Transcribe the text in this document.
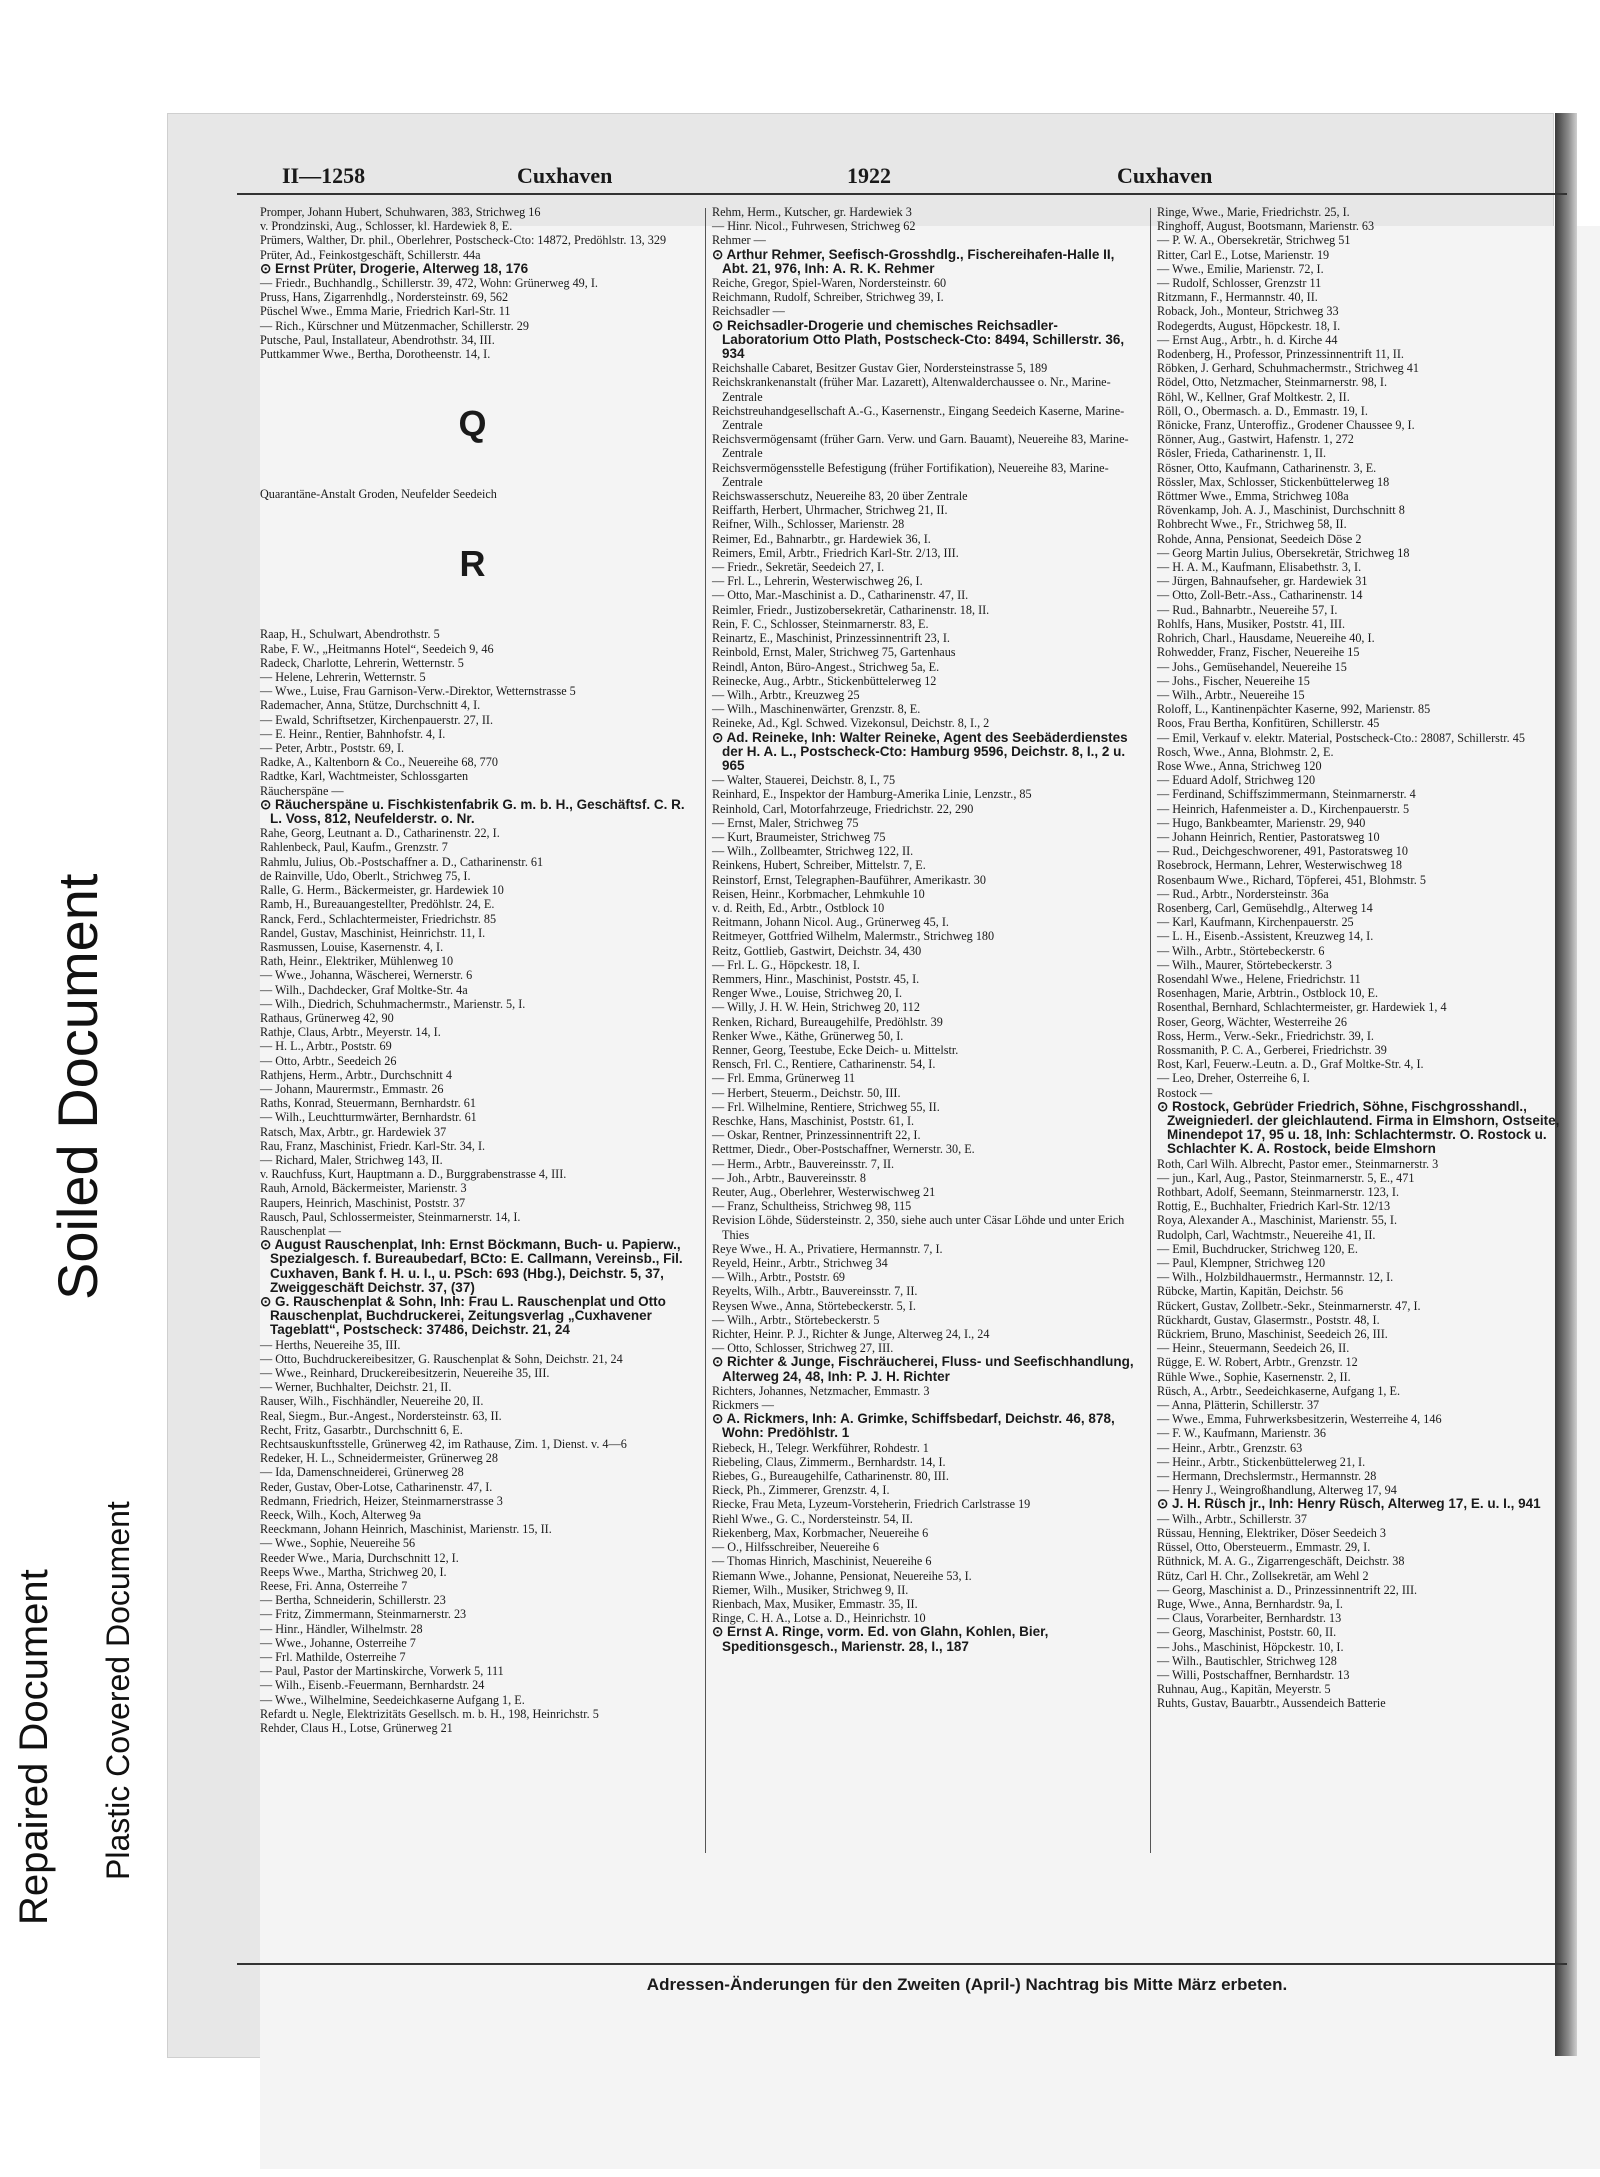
Soiled Document
Repaired Document Plastic Covered Document
II—1258	Cuxhaven	1922	Cuxhaven

Promper, Johann Hubert, Schuhwaren, 383, Strichweg 16

v. Prondzinski, Aug., Schlosser, kl. Hardewiek 8, E.

Prümers, Walther, Dr. phil., Oberlehrer, Postscheck-Cto: 14872, Predöhlstr. 13, 329

Prüter, Ad., Feinkostgeschäft, Schillerstr. 44a

⊙ Ernst Prüter, Drogerie, Alterweg 18, 176

— Friedr., Buchhandlg., Schillerstr. 39, 472, Wohn: Grünerweg 49, I.

Pruss, Hans, Zigarrenhdlg., Nordersteinstr. 69, 562

Püschel Wwe., Emma Marie, Friedrich Karl-Str. 11

— Rich., Kürschner und Mützenmacher, Schillerstr. 29

Putsche, Paul, Installateur, Abendrothstr. 34, III.

Puttkammer Wwe., Bertha, Dorotheenstr. 14, I.

Q

Quarantäne-Anstalt Groden, Neufelder Seedeich

R

Raap, H., Schulwart, Abendrothstr. 5

Rabe, F. W., „Heitmanns Hotel“, Seedeich 9, 46

Radeck, Charlotte, Lehrerin, Wetternstr. 5

— Helene, Lehrerin, Wetternstr. 5

— Wwe., Luise, Frau Garnison-Verw.-Direktor, Wetternstrasse 5

Rademacher, Anna, Stütze, Durchschnitt 4, I.

— Ewald, Schriftsetzer, Kirchenpauerstr. 27, II.

— E. Heinr., Rentier, Bahnhofstr. 4, I.

— Peter, Arbtr., Poststr. 69, I.

Radke, A., Kaltenborn & Co., Neuereihe 68, 770

Radtke, Karl, Wachtmeister, Schlossgarten

Räucherspäne —

⊙ Räucherspäne u. Fischkistenfabrik G. m. b. H., Geschäftsf. C. R. L. Voss, 812, Neufelderstr. o. Nr.

Rahe, Georg, Leutnant a. D., Catharinenstr. 22, I.

Rahlenbeck, Paul, Kaufm., Grenzstr. 7

Rahmlu, Julius, Ob.-Postschaffner a. D., Catharinenstr. 61

de Rainville, Udo, Oberlt., Strichweg 75, I.

Ralle, G. Herm., Bäckermeister, gr. Hardewiek 10

Ramb, H., Bureauangestellter, Predöhlstr. 24, E.

Ranck, Ferd., Schlachtermeister, Friedrichstr. 85

Randel, Gustav, Maschinist, Heinrichstr. 11, I.

Rasmussen, Louise, Kasernenstr. 4, I.

Rath, Heinr., Elektriker, Mühlenweg 10

— Wwe., Johanna, Wäscherei, Wernerstr. 6

— Wilh., Dachdecker, Graf Moltke-Str. 4a

— Wilh., Diedrich, Schuhmachermstr., Marienstr. 5, I.

Rathaus, Grünerweg 42, 90

Rathje, Claus, Arbtr., Meyerstr. 14, I.

— H. L., Arbtr., Poststr. 69

— Otto, Arbtr., Seedeich 26

Rathjens, Herm., Arbtr., Durchschnitt 4

— Johann, Maurermstr., Emmastr. 26

Raths, Konrad, Steuermann, Bernhardstr. 61

— Wilh., Leuchtturmwärter, Bernhardstr. 61

Ratsch, Max, Arbtr., gr. Hardewiek 37

Rau, Franz, Maschinist, Friedr. Karl-Str. 34, I.

— Richard, Maler, Strichweg 143, II.

v. Rauchfuss, Kurt, Hauptmann a. D., Burggrabenstrasse 4, III.

Rauh, Arnold, Bäckermeister, Marienstr. 3

Raupers, Heinrich, Maschinist, Poststr. 37

Rausch, Paul, Schlossermeister, Steinmarnerstr. 14, I.

Rauschenplat —

⊙ August Rauschenplat, Inh: Ernst Böckmann, Buch- u. Papierw., Spezialgesch. f. Bureaubedarf, BCto: E. Callmann, Vereinsb., Fil. Cuxhaven, Bank f. H. u. I., u. PSch: 693 (Hbg.), Deichstr. 5, 37, Zweiggeschäft Deichstr. 37, (37)

⊙ G. Rauschenplat & Sohn, Inh: Frau L. Rauschenplat und Otto Rauschenplat, Buchdruckerei, Zeitungsverlag „Cuxhavener Tageblatt“, Postscheck: 37486, Deichstr. 21, 24

— Herths, Neuereihe 35, III.

— Otto, Buchdruckereibesitzer, G. Rauschenplat & Sohn, Deichstr. 21, 24

— Wwe., Reinhard, Druckereibesitzerin, Neuereihe 35, III.

— Werner, Buchhalter, Deichstr. 21, II.

Rauser, Wilh., Fischhändler, Neuereihe 20, II.

Real, Siegm., Bur.-Angest., Nordersteinstr. 63, II.

Recht, Fritz, Gasarbtr., Durchschnitt 6, E.

Rechtsauskunftsstelle, Grünerweg 42, im Rathause, Zim. 1, Dienst. v. 4—6

Redeker, H. L., Schneidermeister, Grünerweg 28

— Ida, Damenschneiderei, Grünerweg 28

Reder, Gustav, Ober-Lotse, Catharinenstr. 47, I.

Redmann, Friedrich, Heizer, Steinmarnerstrasse 3

Reeck, Wilh., Koch, Alterweg 9a

Reeckmann, Johann Heinrich, Maschinist, Marienstr. 15, II.

— Wwe., Sophie, Neuereihe 56

Reeder Wwe., Maria, Durchschnitt 12, I.

Reeps Wwe., Martha, Strichweg 20, I.

Reese, Fri. Anna, Osterreihe 7

— Bertha, Schneiderin, Schillerstr. 23

— Fritz, Zimmermann, Steinmarnerstr. 23

— Hinr., Händler, Wilhelmstr. 28

— Wwe., Johanne, Osterreihe 7

— Frl. Mathilde, Osterreihe 7

— Paul, Pastor der Martinskirche, Vorwerk 5, 111

— Wilh., Eisenb.-Feuermann, Bernhardstr. 24

— Wwe., Wilhelmine, Seedeichkaserne Aufgang 1, E.

Refardt u. Negle, Elektrizitäts Gesellsch. m. b. H., 198, Heinrichstr. 5

Rehder, Claus H., Lotse, Grünerweg 21

Rehm, Herm., Kutscher, gr. Hardewiek 3

— Hinr. Nicol., Fuhrwesen, Strichweg 62

Rehmer —

⊙ Arthur Rehmer, Seefisch-Grosshdlg., Fischereihafen-Halle II, Abt. 21, 976, Inh: A. R. K. Rehmer

Reiche, Gregor, Spiel-Waren, Nordersteinstr. 60

Reichmann, Rudolf, Schreiber, Strichweg 39, I.

Reichsadler —

⊙ Reichsadler-Drogerie und chemisches Reichsadler-Laboratorium Otto Plath, Postscheck-Cto: 8494, Schillerstr. 36, 934

Reichshalle Cabaret, Besitzer Gustav Gier, Nordersteinstrasse 5, 189

Reichskrankenanstalt (früher Mar. Lazarett), Altenwalderchaussee o. Nr., Marine-Zentrale

Reichstreuhandgesellschaft A.-G., Kasernenstr., Eingang Seedeich Kaserne, Marine-Zentrale

Reichsvermögensamt (früher Garn. Verw. und Garn. Bauamt), Neuereihe 83, Marine-Zentrale

Reichsvermögensstelle Befestigung (früher Fortifikation), Neuereihe 83, Marine-Zentrale

Reichswasserschutz, Neuereihe 83, 20 über Zentrale

Reiffarth, Herbert, Uhrmacher, Strichweg 21, II.

Reifner, Wilh., Schlosser, Marienstr. 28

Reimer, Ed., Bahnarbtr., gr. Hardewiek 36, I.

Reimers, Emil, Arbtr., Friedrich Karl-Str. 2/13, III.

— Friedr., Sekretär, Seedeich 27, I.

— Frl. L., Lehrerin, Westerwischweg 26, I.

— Otto, Mar.-Maschinist a. D., Catharinenstr. 47, II.

Reimler, Friedr., Justizobersekretär, Catharinenstr. 18, II.

Rein, F. C., Schlosser, Steinmarnerstr. 83, E.

Reinartz, E., Maschinist, Prinzessinnentrift 23, I.

Reinbold, Ernst, Maler, Strichweg 75, Gartenhaus

Reindl, Anton, Büro-Angest., Strichweg 5a, E.

Reinecke, Aug., Arbtr., Stickenbüttelerweg 12

— Wilh., Arbtr., Kreuzweg 25

— Wilh., Maschinenwärter, Grenzstr. 8, E.

Reineke, Ad., Kgl. Schwed. Vizekonsul, Deichstr. 8, I., 2

⊙ Ad. Reineke, Inh: Walter Reineke, Agent des Seebäderdienstes der H. A. L., Postscheck-Cto: Hamburg 9596, Deichstr. 8, I., 2 u. 965

— Walter, Stauerei, Deichstr. 8, I., 75

Reinhard, E., Inspektor der Hamburg-Amerika Linie, Lenzstr., 85

Reinhold, Carl, Motorfahrzeuge, Friedrichstr. 22, 290

— Ernst, Maler, Strichweg 75

— Kurt, Braumeister, Strichweg 75

— Wilh., Zollbeamter, Strichweg 122, II.

Reinkens, Hubert, Schreiber, Mittelstr. 7, E.

Reinstorf, Ernst, Telegraphen-Bauführer, Amerikastr. 30

Reisen, Heinr., Korbmacher, Lehmkuhle 10

v. d. Reith, Ed., Arbtr., Ostblock 10

Reitmann, Johann Nicol. Aug., Grünerweg 45, I.

Reitmeyer, Gottfried Wilhelm, Malermstr., Strichweg 180

Reitz, Gottlieb, Gastwirt, Deichstr. 34, 430

— Frl. L. G., Höpckestr. 18, I.

Remmers, Hinr., Maschinist, Poststr. 45, I.

Renger Wwe., Louise, Strichweg 20, I.

— Willy, J. H. W. Hein, Strichweg 20, 112

Renken, Richard, Bureaugehilfe, Predöhlstr. 39

Renker Wwe., Käthe, Grünerweg 50, I.

Renner, Georg, Teestube, Ecke Deich- u. Mittelstr.

Rensch, Frl. C., Rentiere, Catharinenstr. 54, I.

— Frl. Emma, Grünerweg 11

— Herbert, Steuerm., Deichstr. 50, III.

— Frl. Wilhelmine, Rentiere, Strichweg 55, II.

Reschke, Hans, Maschinist, Poststr. 61, I.

— Oskar, Rentner, Prinzessinnentrift 22, I.

Rettmer, Diedr., Ober-Postschaffner, Wernerstr. 30, E.

— Herm., Arbtr., Bauvereinsstr. 7, II.

— Joh., Arbtr., Bauvereinsstr. 8

Reuter, Aug., Oberlehrer, Westerwischweg 21

— Franz, Schultheiss, Strichweg 98, 115

Revision Löhde, Südersteinstr. 2, 350, siehe auch unter Cäsar Löhde und unter Erich Thies

Reye Wwe., H. A., Privatiere, Hermannstr. 7, I.

Reyeld, Heinr., Arbtr., Strichweg 34

— Wilh., Arbtr., Poststr. 69

Reyelts, Wilh., Arbtr., Bauvereinsstr. 7, II.

Reysen Wwe., Anna, Störtebeckerstr. 5, I.

— Wilh., Arbtr., Störtebeckerstr. 5

Richter, Heinr. P. J., Richter & Junge, Alterweg 24, I., 24

— Otto, Schlosser, Strichweg 27, III.

⊙ Richter & Junge, Fischräucherei, Fluss- und Seefischhandlung, Alterweg 24, 48, Inh: P. J. H. Richter

Richters, Johannes, Netzmacher, Emmastr. 3

Rickmers —

⊙ A. Rickmers, Inh: A. Grimke, Schiffsbedarf, Deichstr. 46, 878, Wohn: Predöhlstr. 1

Riebeck, H., Telegr. Werkführer, Rohdestr. 1

Riebeling, Claus, Zimmerm., Bernhardstr. 14, I.

Riebes, G., Bureaugehilfe, Catharinenstr. 80, III.

Rieck, Ph., Zimmerer, Grenzstr. 4, I.

Riecke, Frau Meta, Lyzeum-Vorsteherin, Friedrich Carlstrasse 19

Riehl Wwe., G. C., Nordersteinstr. 54, II.

Riekenberg, Max, Korbmacher, Neuereihe 6

— O., Hilfsschreiber, Neuereihe 6

— Thomas Hinrich, Maschinist, Neuereihe 6

Riemann Wwe., Johanne, Pensionat, Neuereihe 53, I.

Riemer, Wilh., Musiker, Strichweg 9, II.

Rienbach, Max, Musiker, Emmastr. 35, II.

Ringe, C. H. A., Lotse a. D., Heinrichstr. 10

⊙ Ernst A. Ringe, vorm. Ed. von Glahn, Kohlen, Bier, Speditionsgesch., Marienstr. 28, I., 187

Ringe, Wwe., Marie, Friedrichstr. 25, I.

Ringhoff, August, Bootsmann, Marienstr. 63

— P. W. A., Obersekretär, Strichweg 51

Ritter, Carl E., Lotse, Marienstr. 19

— Wwe., Emilie, Marienstr. 72, I.

— Rudolf, Schlosser, Grenzstr 11

Ritzmann, F., Hermannstr. 40, II.

Roback, Joh., Monteur, Strichweg 33

Rodegerdts, August, Höpckestr. 18, I.

— Ernst Aug., Arbtr., h. d. Kirche 44

Rodenberg, H., Professor, Prinzessinnentrift 11, II.

Röbken, J. Gerhard, Schuhmachermstr., Strichweg 41

Rödel, Otto, Netzmacher, Steinmarnerstr. 98, I.

Röhl, W., Kellner, Graf Moltkestr. 2, II.

Röll, O., Obermasch. a. D., Emmastr. 19, I.

Rönicke, Franz, Unteroffiz., Grodener Chaussee 9, I.

Rönner, Aug., Gastwirt, Hafenstr. 1, 272

Rösler, Frieda, Catharinenstr. 1, II.

Rösner, Otto, Kaufmann, Catharinenstr. 3, E.

Rössler, Max, Schlosser, Stickenbüttelerweg 18

Röttmer Wwe., Emma, Strichweg 108a

Rövenkamp, Joh. A. J., Maschinist, Durchschnitt 8

Rohbrecht Wwe., Fr., Strichweg 58, II.

Rohde, Anna, Pensionat, Seedeich Döse 2

— Georg Martin Julius, Obersekretär, Strichweg 18

— H. A. M., Kaufmann, Elisabethstr. 3, I.

— Jürgen, Bahnaufseher, gr. Hardewiek 31

— Otto, Zoll-Betr.-Ass., Catharinenstr. 14

— Rud., Bahnarbtr., Neuereihe 57, I.

Rohlfs, Hans, Musiker, Poststr. 41, III.

Rohrich, Charl., Hausdame, Neuereihe 40, I.

Rohwedder, Franz, Fischer, Neuereihe 15

— Johs., Gemüsehandel, Neuereihe 15

— Johs., Fischer, Neuereihe 15

— Wilh., Arbtr., Neuereihe 15

Roloff, L., Kantinenpächter Kaserne, 992, Marienstr. 85

Roos, Frau Bertha, Konfitüren, Schillerstr. 45

— Emil, Verkauf v. elektr. Material, Postscheck-Cto.: 28087, Schillerstr. 45

Rosch, Wwe., Anna, Blohmstr. 2, E.

Rose Wwe., Anna, Strichweg 120

— Eduard Adolf, Strichweg 120

— Ferdinand, Schiffszimmermann, Steinmarnerstr. 4

— Heinrich, Hafenmeister a. D., Kirchenpauerstr. 5

— Hugo, Bankbeamter, Marienstr. 29, 940

— Johann Heinrich, Rentier, Pastoratsweg 10

— Rud., Deichgeschworener, 491, Pastoratsweg 10

Rosebrock, Hermann, Lehrer, Westerwischweg 18

Rosenbaum Wwe., Richard, Töpferei, 451, Blohmstr. 5

— Rud., Arbtr., Nordersteinstr. 36a

Rosenberg, Carl, Gemüsehdlg., Alterweg 14

— Karl, Kaufmann, Kirchenpauerstr. 25

— L. H., Eisenb.-Assistent, Kreuzweg 14, I.

— Wilh., Arbtr., Störtebeckerstr. 6

— Wilh., Maurer, Störtebeckerstr. 3

Rosendahl Wwe., Helene, Friedrichstr. 11

Rosenhagen, Marie, Arbtrin., Ostblock 10, E.

Rosenthal, Bernhard, Schlachtermeister, gr. Hardewiek 1, 4

Roser, Georg, Wächter, Westerreihe 26

Ross, Herm., Verw.-Sekr., Friedrichstr. 39, I.

Rossmanith, P. C. A., Gerberei, Friedrichstr. 39

Rost, Karl, Feuerw.-Leutn. a. D., Graf Moltke-Str. 4, I.

— Leo, Dreher, Osterreihe 6, I.

Rostock —

⊙ Rostock, Gebrüder Friedrich, Söhne, Fischgrosshandl., Zweigniederl. der gleichlautend. Firma in Elmshorn, Ostseite, Minendepot 17, 95 u. 18, Inh: Schlachtermstr. O. Rostock u. Schlachter K. A. Rostock, beide Elmshorn

Roth, Carl Wilh. Albrecht, Pastor emer., Steinmarnerstr. 3

— jun., Karl, Aug., Pastor, Steinmarnerstr. 5, E., 471

Rothbart, Adolf, Seemann, Steinmarnerstr. 123, I.

Rottig, E., Buchhalter, Friedrich Karl-Str. 12/13

Roya, Alexander A., Maschinist, Marienstr. 55, I.

Rudolph, Carl, Wachtmstr., Neuereihe 41, II.

— Emil, Buchdrucker, Strichweg 120, E.

— Paul, Klempner, Strichweg 120

— Wilh., Holzbildhauermstr., Hermannstr. 12, I.

Rübcke, Martin, Kapitän, Deichstr. 56

Rückert, Gustav, Zollbetr.-Sekr., Steinmarnerstr. 47, I.

Rückhardt, Gustav, Glasermstr., Poststr. 48, I.

Rückriem, Bruno, Maschinist, Seedeich 26, III.

— Heinr., Steuermann, Seedeich 26, II.

Rügge, E. W. Robert, Arbtr., Grenzstr. 12

Rühle Wwe., Sophie, Kasernenstr. 2, II.

Rüsch, A., Arbtr., Seedeichkaserne, Aufgang 1, E.

— Anna, Plätterin, Schillerstr. 37

— Wwe., Emma, Fuhrwerksbesitzerin, Westerreihe 4, 146

— F. W., Kaufmann, Marienstr. 36

— Heinr., Arbtr., Grenzstr. 63

— Heinr., Arbtr., Stickenbüttelerweg 21, I.

— Hermann, Drechslermstr., Hermannstr. 28

— Henry J., Weingroßhandlung, Alterweg 17, 94

⊙ J. H. Rüsch jr., Inh: Henry Rüsch, Alterweg 17, E. u. I., 941

— Wilh., Arbtr., Schillerstr. 37

Rüssau, Henning, Elektriker, Döser Seedeich 3

Rüssel, Otto, Obersteuerm., Emmastr. 29, I.

Rüthnick, M. A. G., Zigarrengeschäft, Deichstr. 38

Rütz, Carl H. Chr., Zollsekretär, am Wehl 2

— Georg, Maschinist a. D., Prinzessinnentrift 22, III.

Ruge, Wwe., Anna, Bernhardstr. 9a, I.

— Claus, Vorarbeiter, Bernhardstr. 13

— Georg, Maschinist, Poststr. 60, II.

— Johs., Maschinist, Höpckestr. 10, I.

— Wilh., Bautischler, Strichweg 128

— Willi, Postschaffner, Bernhardstr. 13

Ruhnau, Aug., Kapitän, Meyerstr. 5

Ruhts, Gustav, Bauarbtr., Aussendeich Batterie

Adressen-Änderungen für den Zweiten (April-) Nachtrag bis Mitte März erbeten.
